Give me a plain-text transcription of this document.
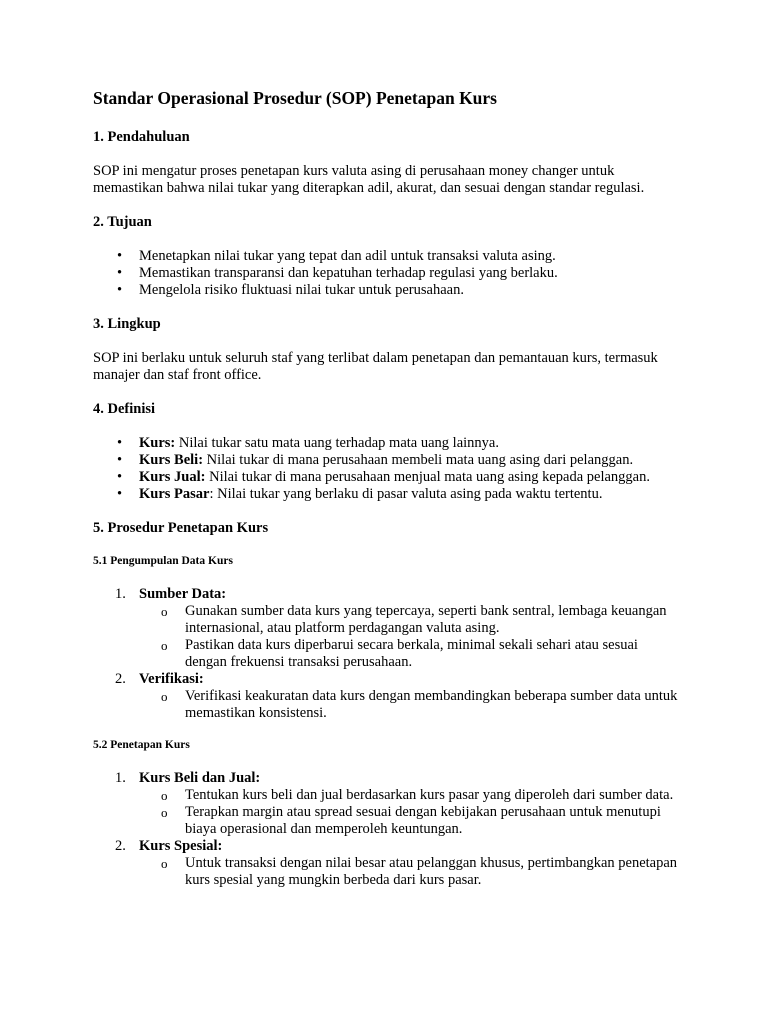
Standar Operasional Prosedur (SOP) Penetapan Kurs
1. Pendahuluan
SOP ini mengatur proses penetapan kurs valuta asing di perusahaan money changer untuk memastikan bahwa nilai tukar yang diterapkan adil, akurat, dan sesuai dengan standar regulasi.
2. Tujuan
• Menetapkan nilai tukar yang tepat dan adil untuk transaksi valuta asing.
• Memastikan transparansi dan kepatuhan terhadap regulasi yang berlaku.
• Mengelola risiko fluktuasi nilai tukar untuk perusahaan.
3. Lingkup
SOP ini berlaku untuk seluruh staf yang terlibat dalam penetapan dan pemantauan kurs, termasuk manajer dan staf front office.
4. Definisi
• Kurs: Nilai tukar satu mata uang terhadap mata uang lainnya.
• Kurs Beli: Nilai tukar di mana perusahaan membeli mata uang asing dari pelanggan.
• Kurs Jual: Nilai tukar di mana perusahaan menjual mata uang asing kepada pelanggan.
• Kurs Pasar: Nilai tukar yang berlaku di pasar valuta asing pada waktu tertentu.
5. Prosedur Penetapan Kurs
5.1 Pengumpulan Data Kurs
1. Sumber Data:
o Gunakan sumber data kurs yang tepercaya, seperti bank sentral, lembaga keuangan internasional, atau platform perdagangan valuta asing.
o Pastikan data kurs diperbarui secara berkala, minimal sekali sehari atau sesuai dengan frekuensi transaksi perusahaan.
2. Verifikasi:
o Verifikasi keakuratan data kurs dengan membandingkan beberapa sumber data untuk memastikan konsistensi.
5.2 Penetapan Kurs
1. Kurs Beli dan Jual:
o Tentukan kurs beli dan jual berdasarkan kurs pasar yang diperoleh dari sumber data.
o Terapkan margin atau spread sesuai dengan kebijakan perusahaan untuk menutupi biaya operasional dan memperoleh keuntungan.
2. Kurs Spesial:
o Untuk transaksi dengan nilai besar atau pelanggan khusus, pertimbangkan penetapan kurs spesial yang mungkin berbeda dari kurs pasar.
